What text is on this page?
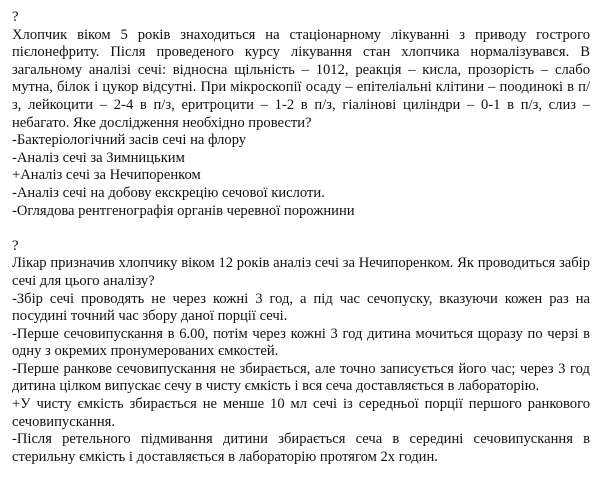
?
Хлопчик віком 5 років знаходиться на стаціонарному лікуванні з приводу гострого пієлонефриту. Після проведеного курсу лікування стан хлопчика нормалізувався. В загальному аналізі сечі: відносна щільність – 1012, реакція – кисла, прозорість – слабо мутна, білок і цукор відсутні. При мікроскопії осаду – епітеліальні клітини – поодинокі в п/з, лейкоцити – 2-4 в п/з, еритроцити – 1-2 в п/з, гіалінові циліндри – 0-1 в п/з, слиз – небагато. Яке дослідження необхідно провести?
-Бактеріологічний засів сечі на флору
-Аналіз сечі за Зимницьким
+Аналіз сечі за Нечипоренком
-Аналіз сечі на добову екскрецію сечової кислоти.
-Оглядова рентгенографія органів черевної порожнини
?
Лікар призначив хлопчику віком 12 років аналіз сечі за Нечипоренком. Як проводиться забір сечі для цього аналізу?
-Збір сечі проводять не через кожні 3 год, а під час сечопуску, вказуючи кожен раз на посудині точний час збору даної порції сечі.
-Перше сечовипускання в 6.00, потім через кожні 3 год дитина мочиться щоразу по черзі в одну з окремих пронумерованих ємкостей.
-Перше ранкове сечовипускання не збирається, але точно записується його час; через 3 год дитина цілком випускає сечу в чисту ємкість і вся сеча доставляється в лабораторію.
+У чисту ємкість збирається не менше 10 мл сечі із середньої порції першого ранкового сечовипускання.
-Після ретельного підмивання дитини збирається сеча в середині сечовипускання в стерильну ємкість і доставляється в лабораторію протягом 2х годин.
